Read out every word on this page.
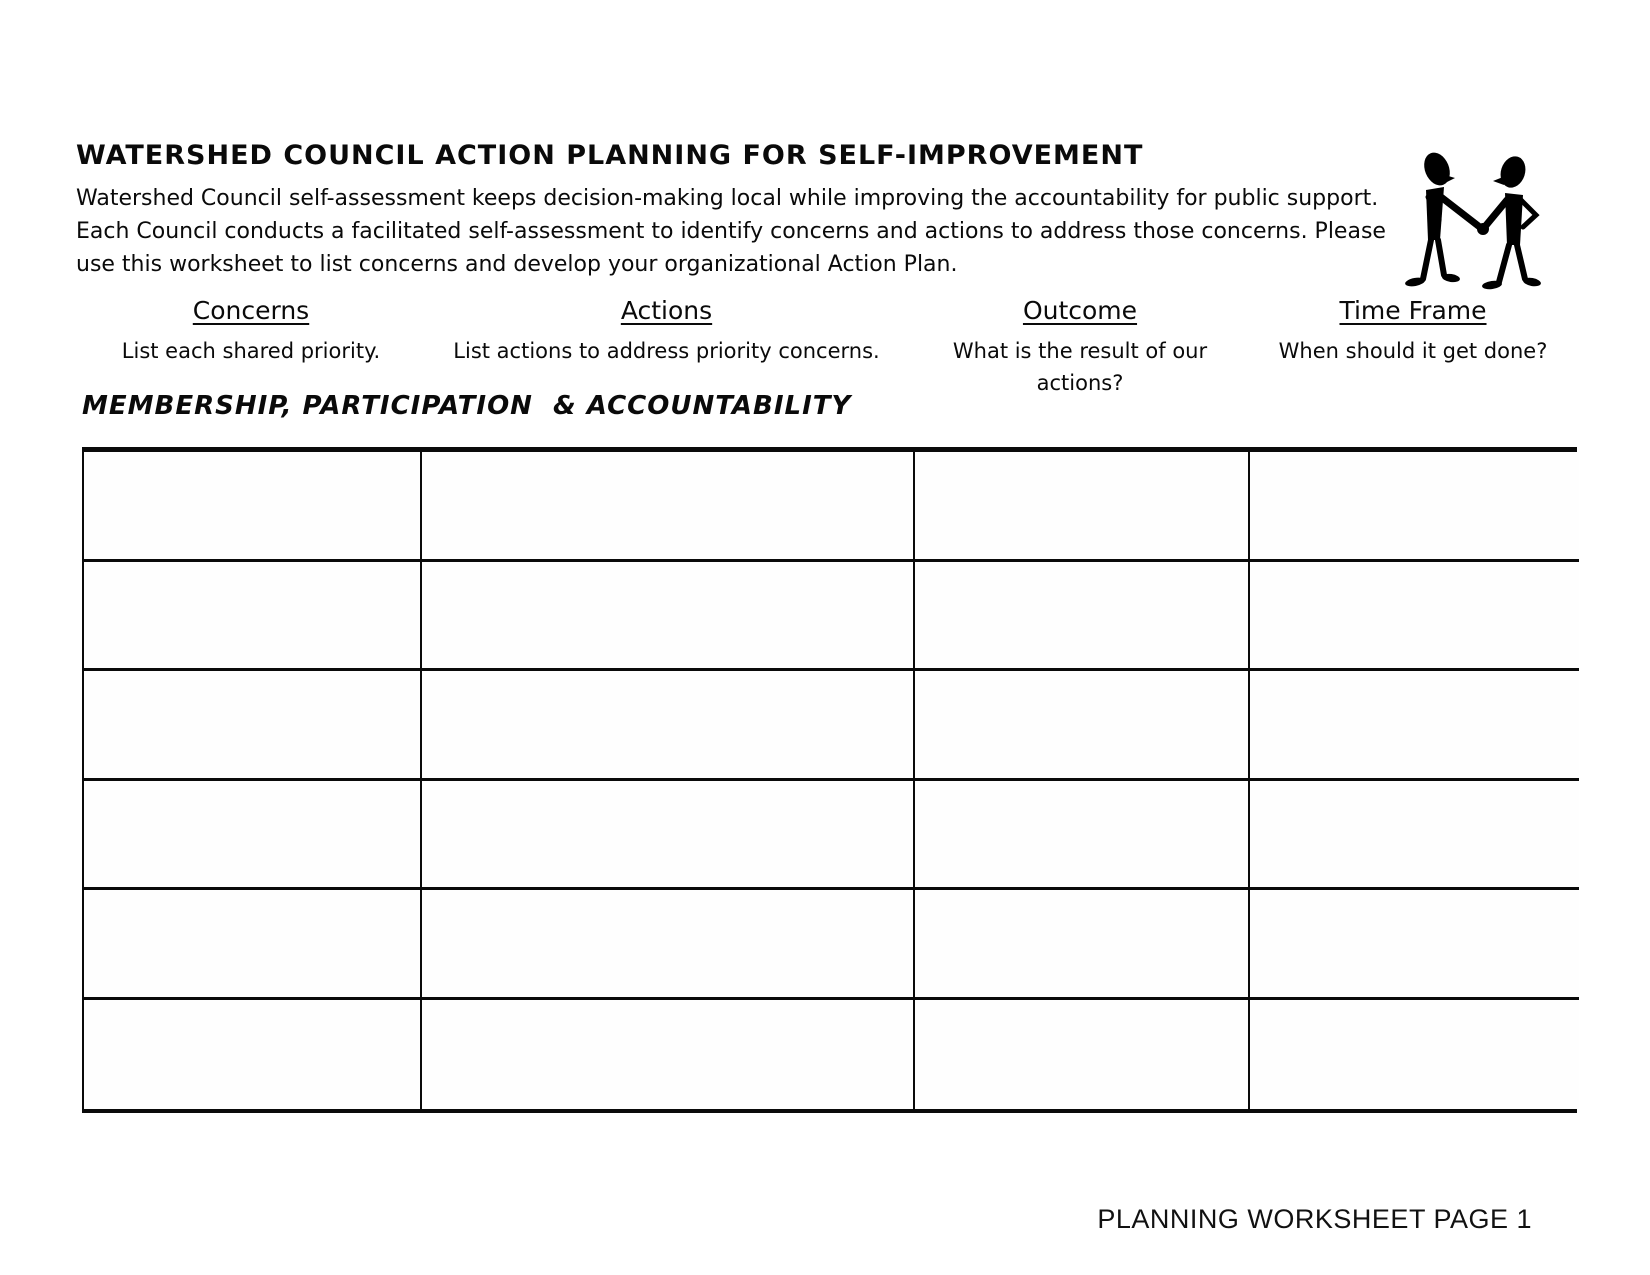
WATERSHED COUNCIL ACTION PLANNING FOR SELF-IMPROVEMENT
Watershed Council self-assessment keeps decision-making local while improving the accountability for public support.
Each Council conducts a facilitated self-assessment to identify concerns and actions to address those concerns. Please
use this worksheet to list concerns and develop your organizational Action Plan.
Concerns
List each shared priority.
Actions
List actions to address priority concerns.
Outcome
What is the result of our actions?
Time Frame
When should it get done?
MEMBERSHIP, PARTICIPATION  & ACCOUNTABILITY
PLANNING WORKSHEET PAGE 1
